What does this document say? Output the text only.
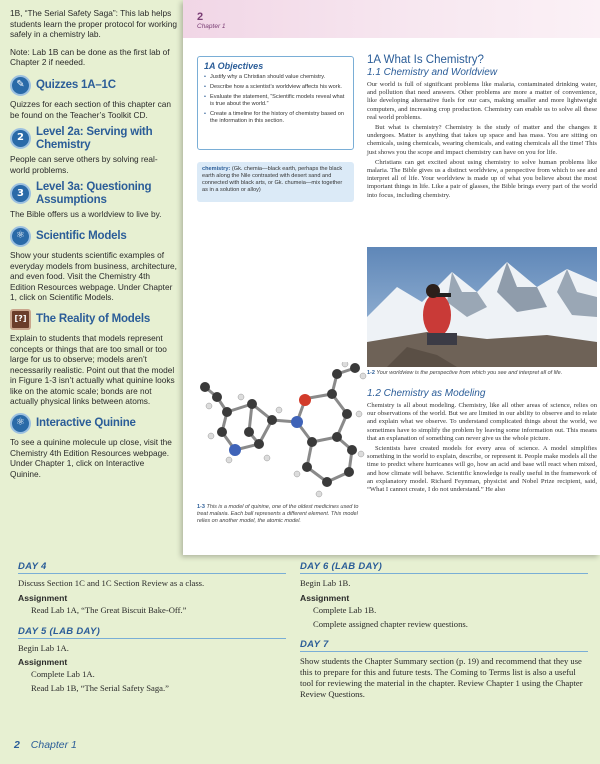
1B, “The Serial Safety Saga”: This lab helps students learn the proper protocol for working safely in a chemistry lab.

Note: Lab 1B can be done as the first lab of Chapter 2 if needed.

✎ Quizzes 1A–1C
Quizzes for each section of this chapter can be found on the Teacher’s Toolkit CD.
2	Level 2a: Serving with Chemistry
People can serve others by solving real-world problems.
3	Level 3a: Questioning Assumptions
The Bible offers us a worldview to live by.
⚛ Scientific Models
Show your students scientific examples of everyday models from business, architecture, and even food. Visit the Chemistry 4th Edition Resources webpage. Under Chapter 1, click on Scientific Models.
[?] The Reality of Models
Explain to students that models represent concepts or things that are too small or too large for us to observe; models aren’t necessarily realistic. Point out that the model in Figure 1-3 isn’t actually what quinine looks like on the atomic scale; bonds are not actually physical links between atoms.
⚛ Interactive Quinine
To see a quinine molecule up close, visit the Chemistry 4th Edition Resources webpage. Under Chapter 1, click on Interactive Quinine.
2
Chapter 1
1A Objectives
• Justify why a Christian should value chemistry.
• Describe how a scientist’s worldview affects his work.
• Evaluate the statement, “Scientific models reveal what is true about the world.”
• Create a timeline for the history of chemistry based on the information in this section.
chemistry: (Gk. chemia—black earth, perhaps the black earth along the Nile contrasted with desert sand and connected with black arts, or Gk. chumeia—mix together as in a solution or alloy)
1-3 This is a model of quinine, one of the oldest medicines used to treat malaria. Each ball represents a different element. This model relies on another model, the atomic model.
1A What Is Chemistry?
1.1 Chemistry and Worldview

Our world is full of significant problems like malaria, contaminated drinking water, and pollution that need answers. Other problems are more a matter of convenience, like developing alternative fuels for our cars, making smaller and more lightweight computers, and increasing crop production. Chemistry can enable us to solve all these real world problems.

But what is chemistry? Chemistry is the study of matter and the changes it undergoes. Matter is anything that takes up space and has mass. You are sitting on chemicals, using chemicals, wearing chemicals, and eating chemicals all the time! This just shows you the scope and impact chemistry can have on you for life.

Christians can get excited about using chemistry to solve human problems like malaria. The Bible gives us a distinct worldview, a perspective from which to see and interpret all of life. Your worldview is made up of what you believe about the most important things in life. Like a pair of glasses, the Bible brings every part of the world into focus, including chemistry.

1-2 Your worldview is the perspective from which you see and interpret all of life.
1.2 Chemistry as Modeling

Chemistry is all about modeling. Chemistry, like all other areas of science, relies on our observations of the world. But we are limited in our ability to observe and to relate and explain what we observe. To understand complicated things about the world, we sometimes have to simplify the problem by leaving some information out. This means that an explanation of something can never give us the whole picture.

Scientists have created models for every area of science. A model simplifies something in the world to explain, describe, or represent it. People make models all the time to predict where hurricanes will go, how an acid and base will react when mixed, and how climate will behave. Scientific knowledge is really useful in the framework of an explanatory model. Richard Feynman, physicist and Nobel Prize recipient, said, “What I cannot create, I do not understand.” He also

DAY 4
Discuss Section 1C and 1C Section Review as a class.
Assignment
Read Lab 1A, “The Great Biscuit Bake-Off.”
DAY 5 (LAB DAY)
Begin Lab 1A.
Assignment
Complete Lab 1A.
Read Lab 1B, “The Serial Safety Saga.”
DAY 6 (LAB DAY)
Begin Lab 1B.
Assignment
Complete Lab 1B.
Complete assigned chapter review questions.
DAY 7
Show students the Chapter Summary section (p. 19) and recommend that they use this to prepare for this and future tests. The Coming to Terms list is also a useful tool for reviewing the material in the chapter. Review Chapter 1 using the Chapter Review Questions.
2 Chapter 1
